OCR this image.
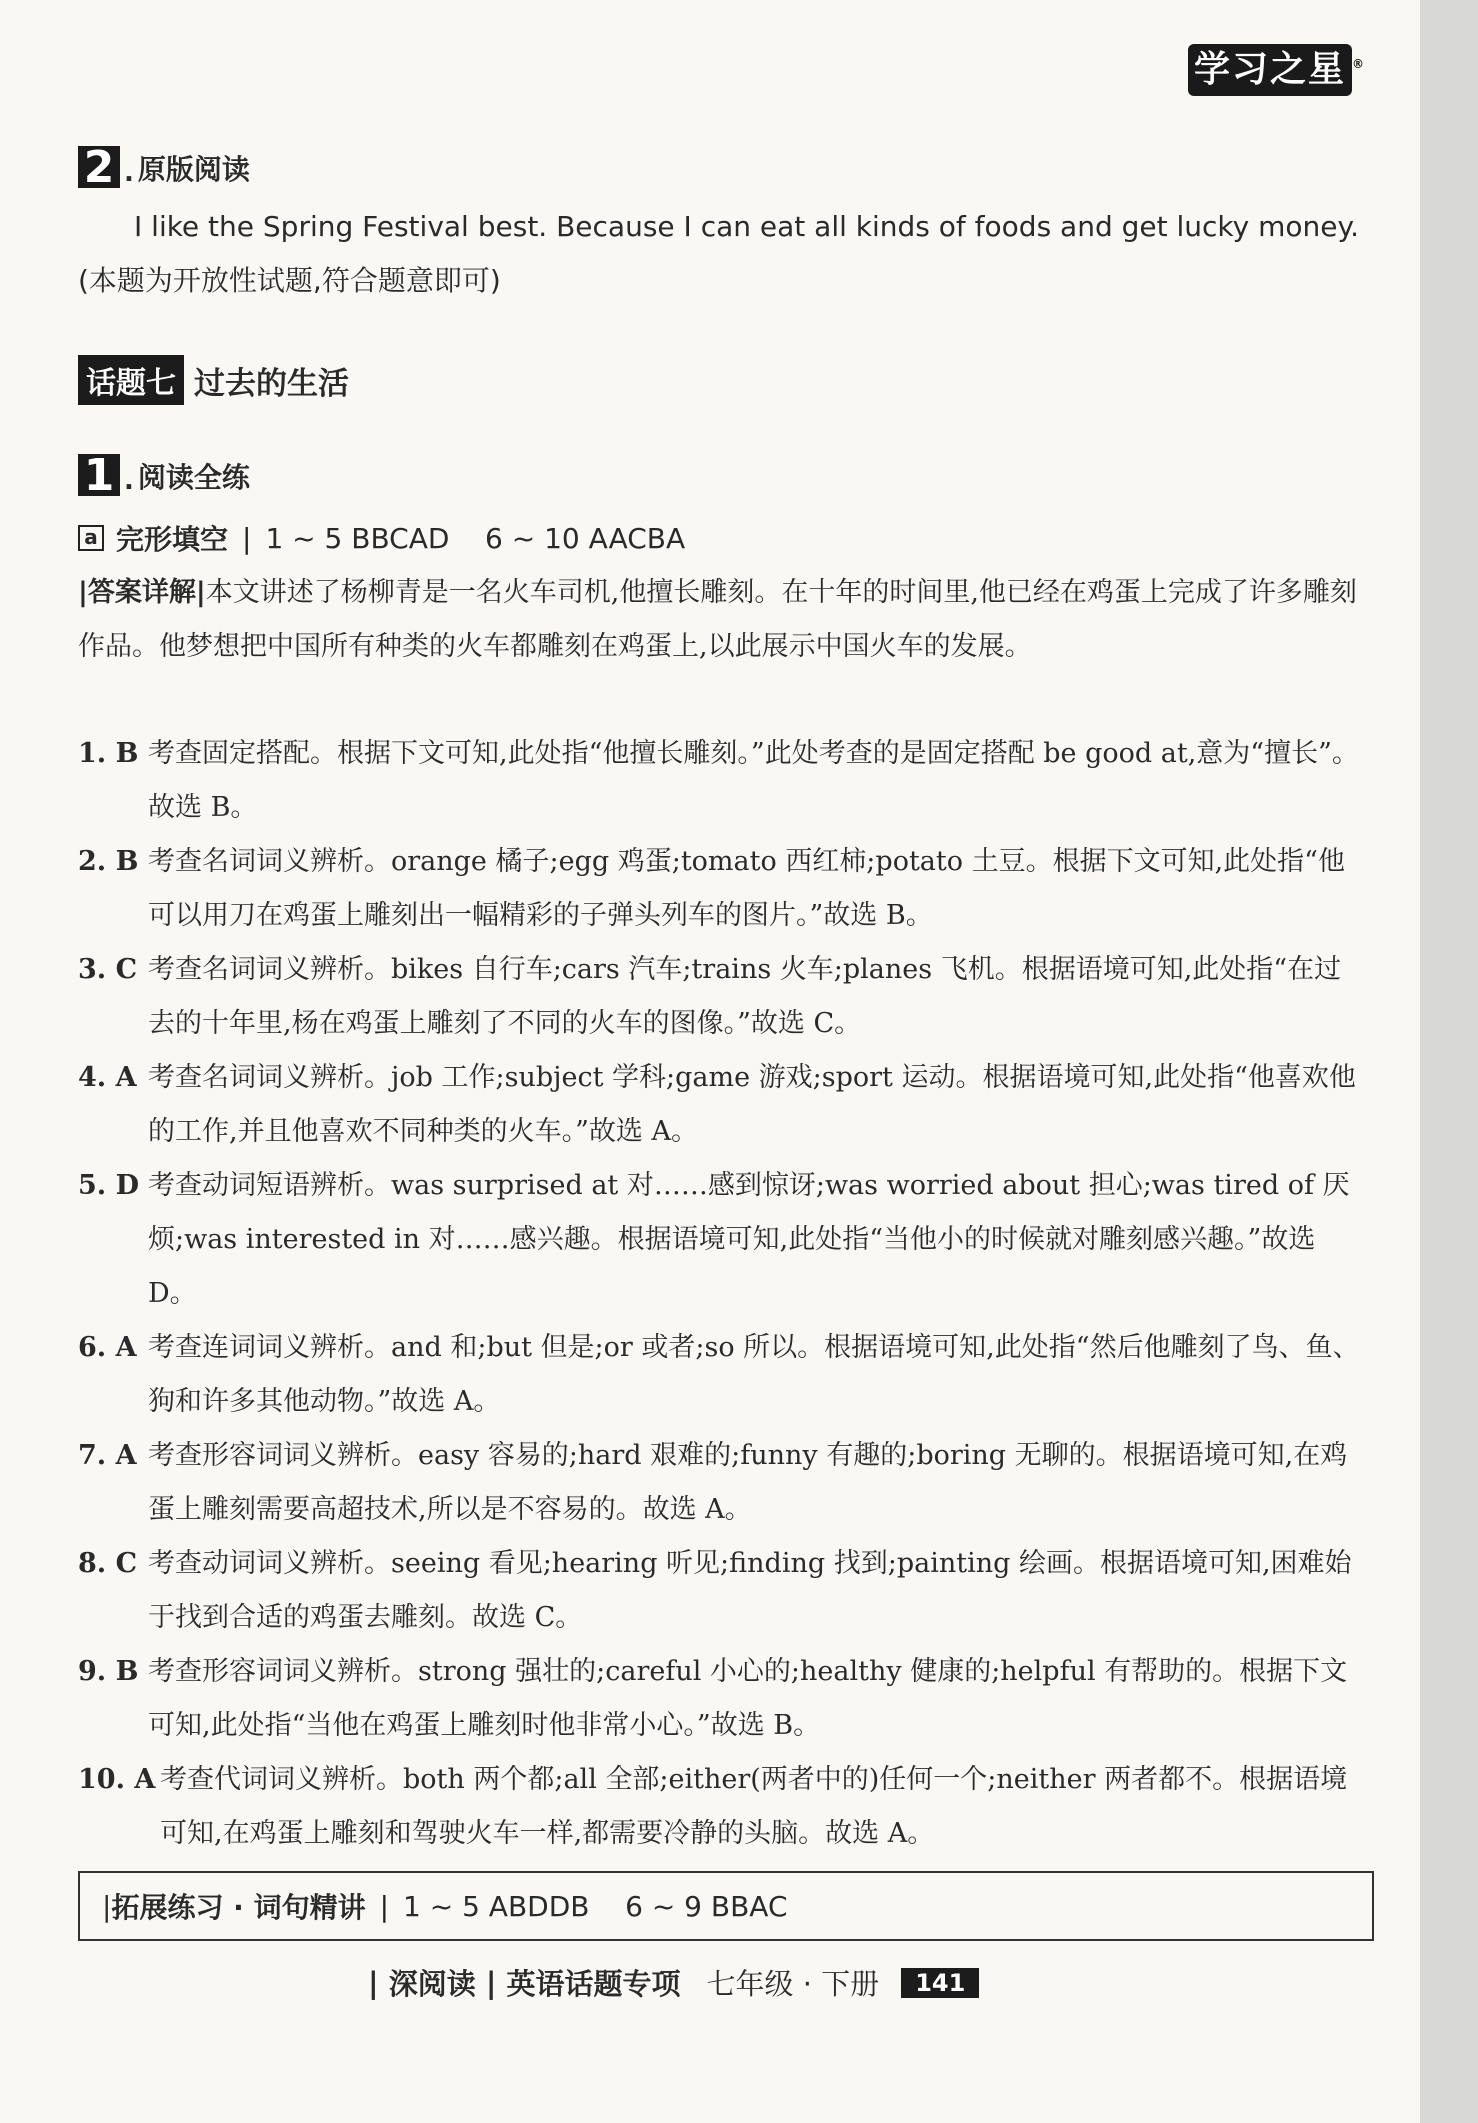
学习之星 ®
2 . 原版阅读
I like the Spring Festival best. Because I can eat all kinds of foods and get lucky money. (本题为开放性试题,符合题意即可)
话题七 过去的生活
1 . 阅读全练
a 完形填空 | 1 ~ 5 BBCAD    6 ~ 10 AACBA
|答案详解|本文讲述了杨柳青是一名火车司机,他擅长雕刻。在十年的时间里,他已经在鸡蛋上完成了许多雕刻作品。他梦想把中国所有种类的火车都雕刻在鸡蛋上,以此展示中国火车的发展。
1. B 考查固定搭配。根据下文可知,此处指“他擅长雕刻。”此处考查的是固定搭配 be good at,意为“擅长”。故选 B。
2. B 考查名词词义辨析。orange 橘子;egg 鸡蛋;tomato 西红柿;potato 土豆。根据下文可知,此处指“他可以用刀在鸡蛋上雕刻出一幅精彩的子弹头列车的图片。”故选 B。
3. C 考查名词词义辨析。bikes 自行车;cars 汽车;trains 火车;planes 飞机。根据语境可知,此处指“在过去的十年里,杨在鸡蛋上雕刻了不同的火车的图像。”故选 C。
4. A 考查名词词义辨析。job 工作;subject 学科;game 游戏;sport 运动。根据语境可知,此处指“他喜欢他的工作,并且他喜欢不同种类的火车。”故选 A。
5. D 考查动词短语辨析。was surprised at 对……感到惊讶;was worried about 担心;was tired of 厌烦;was interested in 对……感兴趣。根据语境可知,此处指“当他小的时候就对雕刻感兴趣。”故选 D。
6. A 考查连词词义辨析。and 和;but 但是;or 或者;so 所以。根据语境可知,此处指“然后他雕刻了鸟、鱼、狗和许多其他动物。”故选 A。
7. A 考查形容词词义辨析。easy 容易的;hard 艰难的;funny 有趣的;boring 无聊的。根据语境可知,在鸡蛋上雕刻需要高超技术,所以是不容易的。故选 A。
8. C 考查动词词义辨析。seeing 看见;hearing 听见;finding 找到;painting 绘画。根据语境可知,困难始于找到合适的鸡蛋去雕刻。故选 C。
9. B 考查形容词词义辨析。strong 强壮的;careful 小心的;healthy 健康的;helpful 有帮助的。根据下文可知,此处指“当他在鸡蛋上雕刻时他非常小心。”故选 B。
10. A 考查代词词义辨析。both 两个都;all 全部;either(两者中的)任何一个;neither 两者都不。根据语境可知,在鸡蛋上雕刻和驾驶火车一样,都需要冷静的头脑。故选 A。
| 拓展练习 · 词句精讲 | 1 ~ 5 ABDDB    6 ~ 9 BBAC
| 深阅读 | 英语话题专项 七年级 · 下册	141
